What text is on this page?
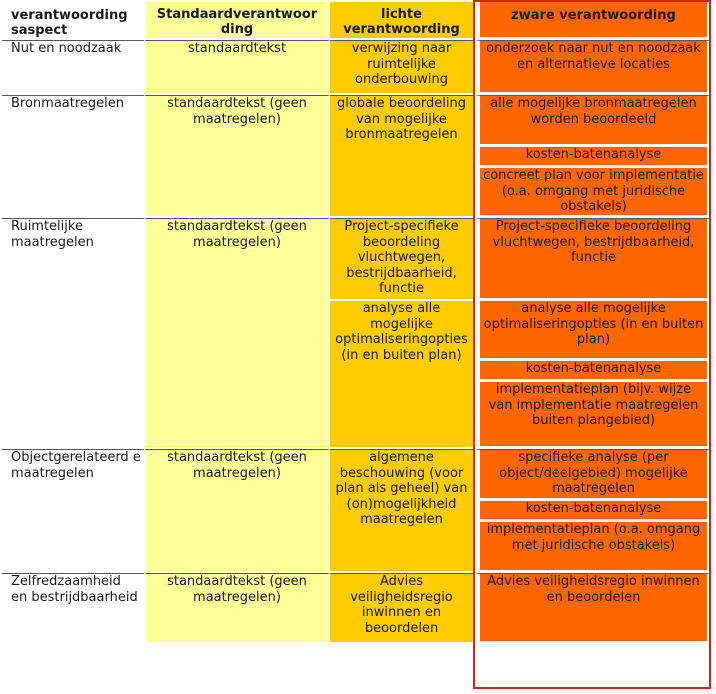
verantwoording saspect	Standaardverantwoor ding	lichte verantwoording	zware verantwoording
Nut en noodzaak	standaardtekst	verwijzing naar ruimtelijke onderbouwing	onderzoek naar nut en noodzaak en alternatieve locaties
Bronmaatregelen	standaardtekst (geen maatregelen)	globale beoordeling van mogelijke bronmaatregelen	alle mogelijke bronmaatregelen worden beoordeeld
			kosten-batenanalyse
			concreet plan voor implementatie (o.a. omgang met juridische obstakels)
Ruimtelijke maatregelen	standaardtekst (geen maatregelen)	Project-specifieke beoordeling vluchtwegen, bestrijdbaarheid, functie	Project-specifieke beoordeling vluchtwegen, bestrijdbaarheid, functie
		analyse alle mogelijke optimaliseringopties (in en buiten plan)	analyse alle mogelijke optimaliseringopties (in en buiten plan)
			kosten-batenanalyse
			implementatieplan (bijv. wijze van implementatie maatregelen buiten plangebied)
Objectgerelateerd e maatregelen	standaardtekst (geen maatregelen)	algemene beschouwing (voor plan als geheel) van (on)mogelijkheid maatregelen	specifieke analyse (per object/deelgebied) mogelijke maatregelen
			kosten-batenanalyse
			implementatieplan (o.a. omgang met juridische obstakels)
Zelfredzaamheid en bestrijdbaarheid	standaardtekst (geen maatregelen)	Advies veiligheidsregio inwinnen en beoordelen	Advies veiligheidsregio inwinnen en beoordelen
